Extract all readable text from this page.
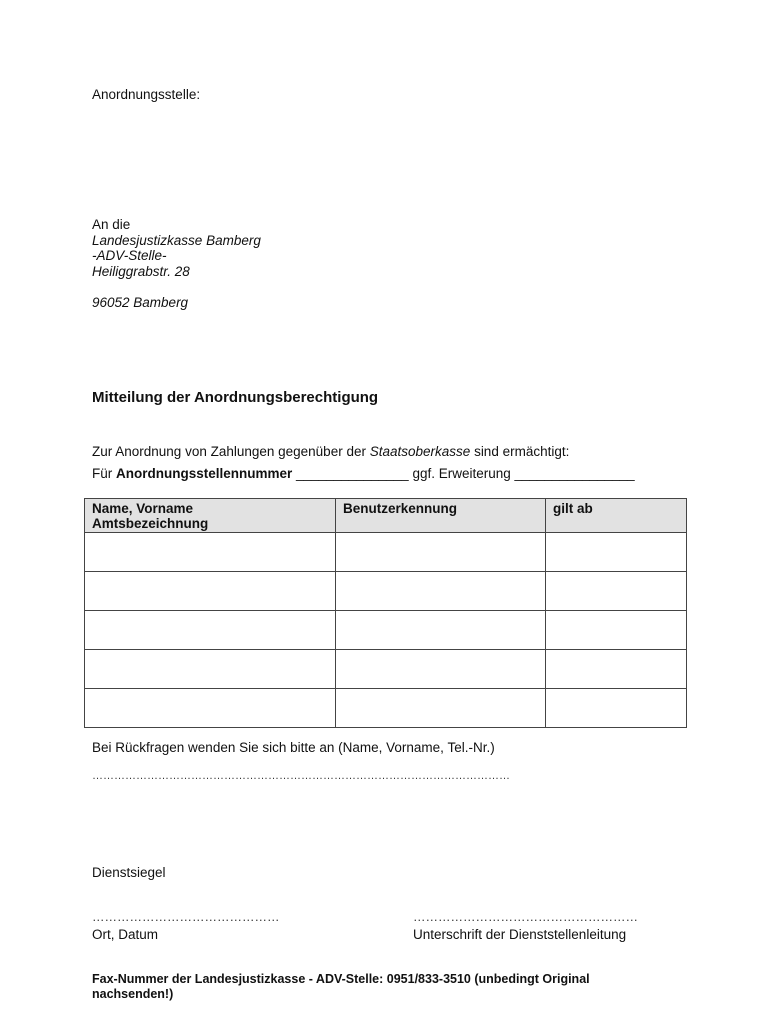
Anordnungsstelle:
An die
Landesjustizkasse Bamberg
-ADV-Stelle-
Heiliggrabstr. 28
96052 Bamberg
Mitteilung der Anordnungsberechtigung
Zur Anordnung von Zahlungen gegenüber der Staatsoberkasse sind ermächtigt:
Für Anordnungsstellennummer _______________ ggf. Erweiterung ________________
Name, Vorname
Amtsbezeichnung	Benutzerkennung	gilt ab

Bei Rückfragen wenden Sie sich bitte an (Name, Vorname, Tel.-Nr.)
……………………………………………………………………………………………………
Dienstsiegel
………………………………………
Ort, Datum
………………………………………………
Unterschrift der Dienststellenleitung
Fax-Nummer der Landesjustizkasse - ADV-Stelle: 0951/833-3510 (unbedingt Original nachsenden!)
